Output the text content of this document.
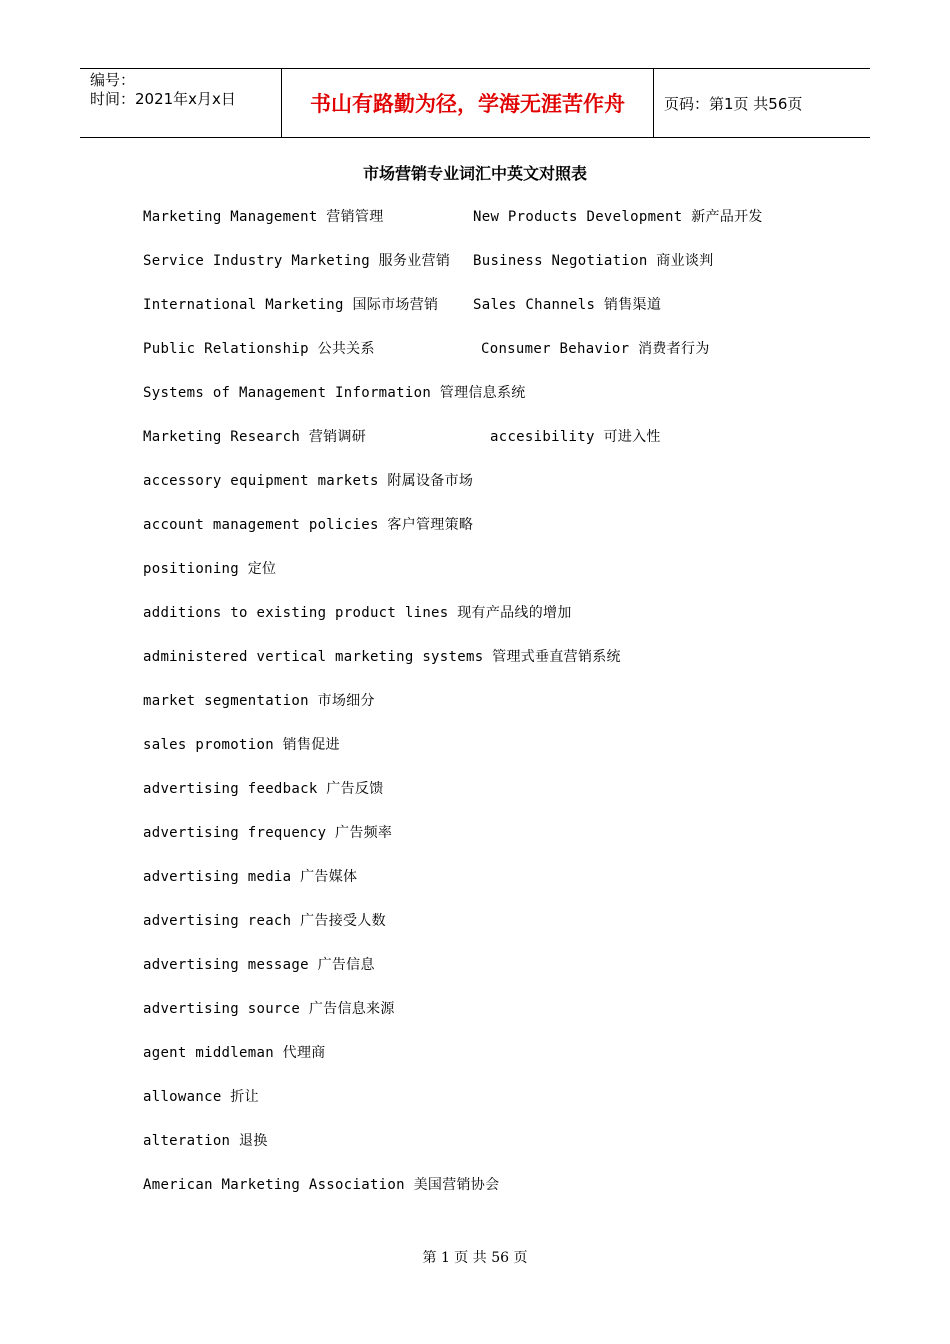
编号：
时间：2021年x月x日	书山有路勤为径，学海无涯苦作舟	页码：第1页 共56页
市场营销专业词汇中英文对照表
Marketing Management 营销管理	New Products Development 新产品开发
Service Industry Marketing 服务业营销 Business Negotiation 商业谈判
International Marketing 国际市场营销 Sales Channels 销售渠道
Public Relationship 公共关系	Consumer Behavior 消费者行为
Systems of Management Information 管理信息系统
Marketing Research 营销调研	accesibility 可进入性
accessory equipment markets 附属设备市场
account management policies 客户管理策略
positioning 定位
additions to existing product lines 现有产品线的增加
administered vertical marketing systems 管理式垂直营销系统
market segmentation 市场细分
sales promotion 销售促进
advertising feedback 广告反馈
advertising frequency 广告频率
advertising media 广告媒体
advertising reach 广告接受人数
advertising message 广告信息
advertising source 广告信息来源
agent middleman 代理商
allowance 折让
alteration 退换
American Marketing Association 美国营销协会
第 1 页 共 56 页
